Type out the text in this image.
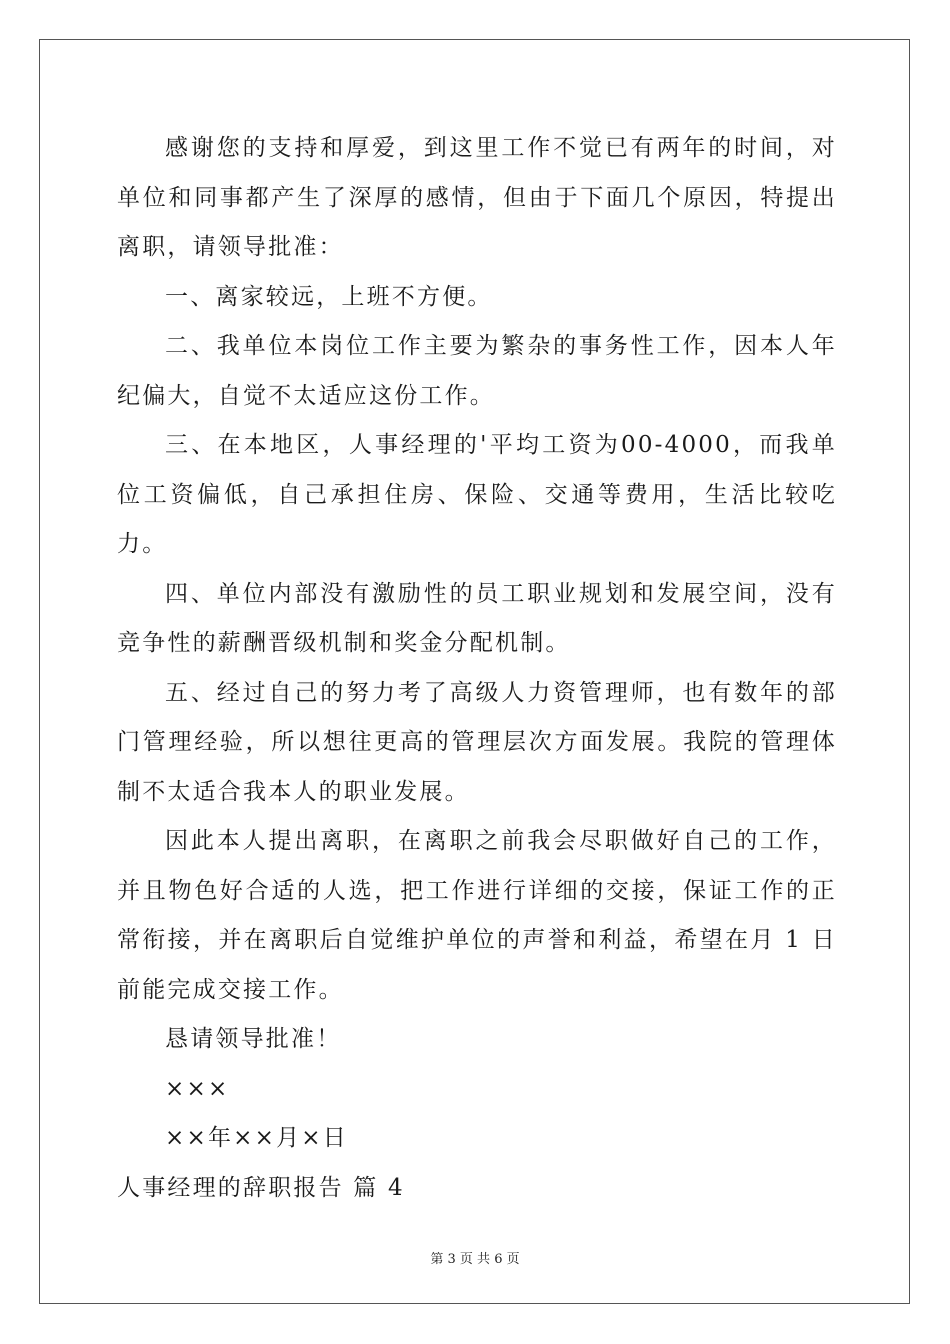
感谢您的支持和厚爱，到这里工作不觉已有两年的时间，对单位和同事都产生了深厚的感情，但由于下面几个原因，特提出离职，请领导批准：

一、离家较远，上班不方便。

二、我单位本岗位工作主要为繁杂的事务性工作，因本人年纪偏大，自觉不太适应这份工作。

三、在本地区，人事经理的'平均工资为00-4000，而我单位工资偏低，自己承担住房、保险、交通等费用，生活比较吃力。

四、单位内部没有激励性的员工职业规划和发展空间，没有竞争性的薪酬晋级机制和奖金分配机制。

五、经过自己的努力考了高级人力资管理师，也有数年的部门管理经验，所以想往更高的管理层次方面发展。我院的管理体制不太适合我本人的职业发展。

因此本人提出离职，在离职之前我会尽职做好自己的工作，并且物色好合适的人选，把工作进行详细的交接，保证工作的正常衔接，并在离职后自觉维护单位的声誉和利益，希望在月 1 日前能完成交接工作。

恳请领导批准！

×××

××年××月×日

人事经理的辞职报告 篇 4

第 3 页 共 6 页
